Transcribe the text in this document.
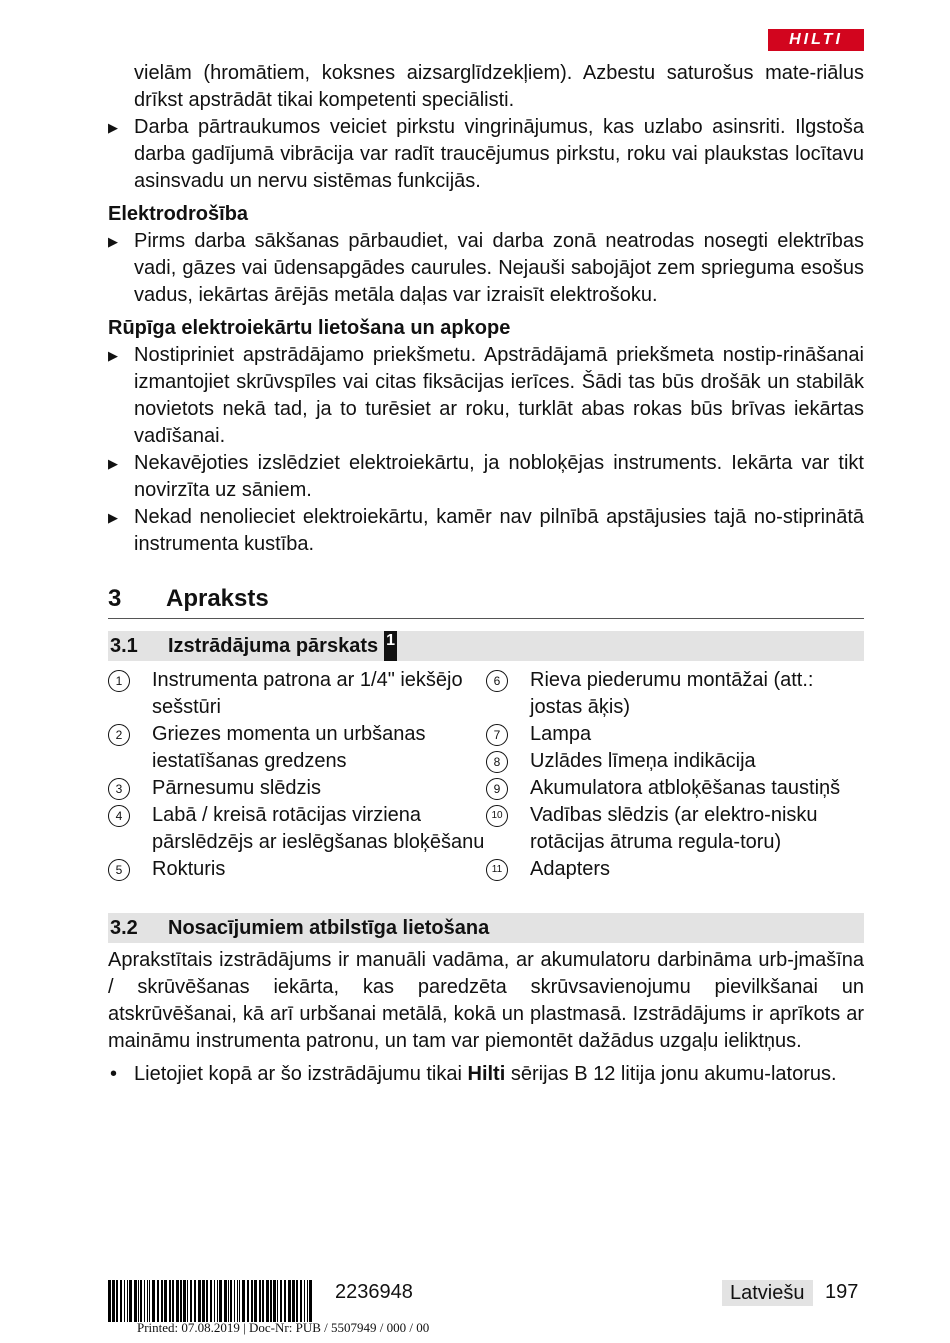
HILTI
vielām (hromātiem, koksnes aizsarglīdzekļiem). Azbestu saturošus mate-riālus drīkst apstrādāt tikai kompetenti speciālisti.
▶ Darba pārtraukumos veiciet pirkstu vingrinājumus, kas uzlabo asinsriti. Ilgstoša darba gadījumā vibrācija var radīt traucējumus pirkstu, roku vai plaukstas locītavu asinsvadu un nervu sistēmas funkcijās.
Elektrodrošība
▶ Pirms darba sākšanas pārbaudiet, vai darba zonā neatrodas nosegti elektrības vadi, gāzes vai ūdensapgādes caurules. Nejauši sabojājot zem sprieguma esošus vadus, iekārtas ārējās metāla daļas var izraisīt elektrošoku.
Rūpīga elektroiekārtu lietošana un apkope
▶ Nostipriniet apstrādājamo priekšmetu. Apstrādājamā priekšmeta nostip-rināšanai izmantojiet skrūvspīles vai citas fiksācijas ierīces. Šādi tas būs drošāk un stabilāk novietots nekā tad, ja to turēsiet ar roku, turklāt abas rokas būs brīvas iekārtas vadīšanai.
▶ Nekavējoties izslēdziet elektroiekārtu, ja nobloķējas instruments. Iekārta var tikt novirzīta uz sāniem.
▶ Nekad nenolieciet elektroiekārtu, kamēr nav pilnībā apstājusies tajā no-stiprinātā instrumenta kustība.
3	Apraksts
3.1	Izstrādājuma pārskats 1
1	Instrumenta patrona ar 1/4" iekšējo sešstūri
2	Griezes momenta un urbšanas iestatīšanas gredzens
3	Pārnesumu slēdzis
4	Labā / kreisā rotācijas virziena pārslēdzējs ar ieslēgšanas bloķēšanu
5	Rokturis
6	Rieva piederumu montāžai (att.: jostas āķis)
7	Lampa
8	Uzlādes līmeņa indikācija
9	Akumulatora atbloķēšanas taustiņš
10 Vadības slēdzis (ar elektro-nisku rotācijas ātruma regula-toru)
11 Adapters
3.2	Nosacījumiem atbilstīga lietošana
Aprakstītais izstrādājums ir manuāli vadāma, ar akumulatoru darbināma urb-jmašīna / skrūvēšanas iekārta, kas paredzēta skrūvsavienojumu pievilkšanai un atskrūvēšanai, kā arī urbšanai metālā, kokā un plastmasā. Izstrādājums ir aprīkots ar maināmu instrumenta patronu, un tam var piemontēt dažādus uzgaļu ieliktņus.
• Lietojiet kopā ar šo izstrādājumu tikai Hilti sērijas B 12 litija jonu akumu-latorus.
2236948
Printed: 07.08.2019 | Doc-Nr: PUB / 5507949 / 000 / 00
Latviešu	197
